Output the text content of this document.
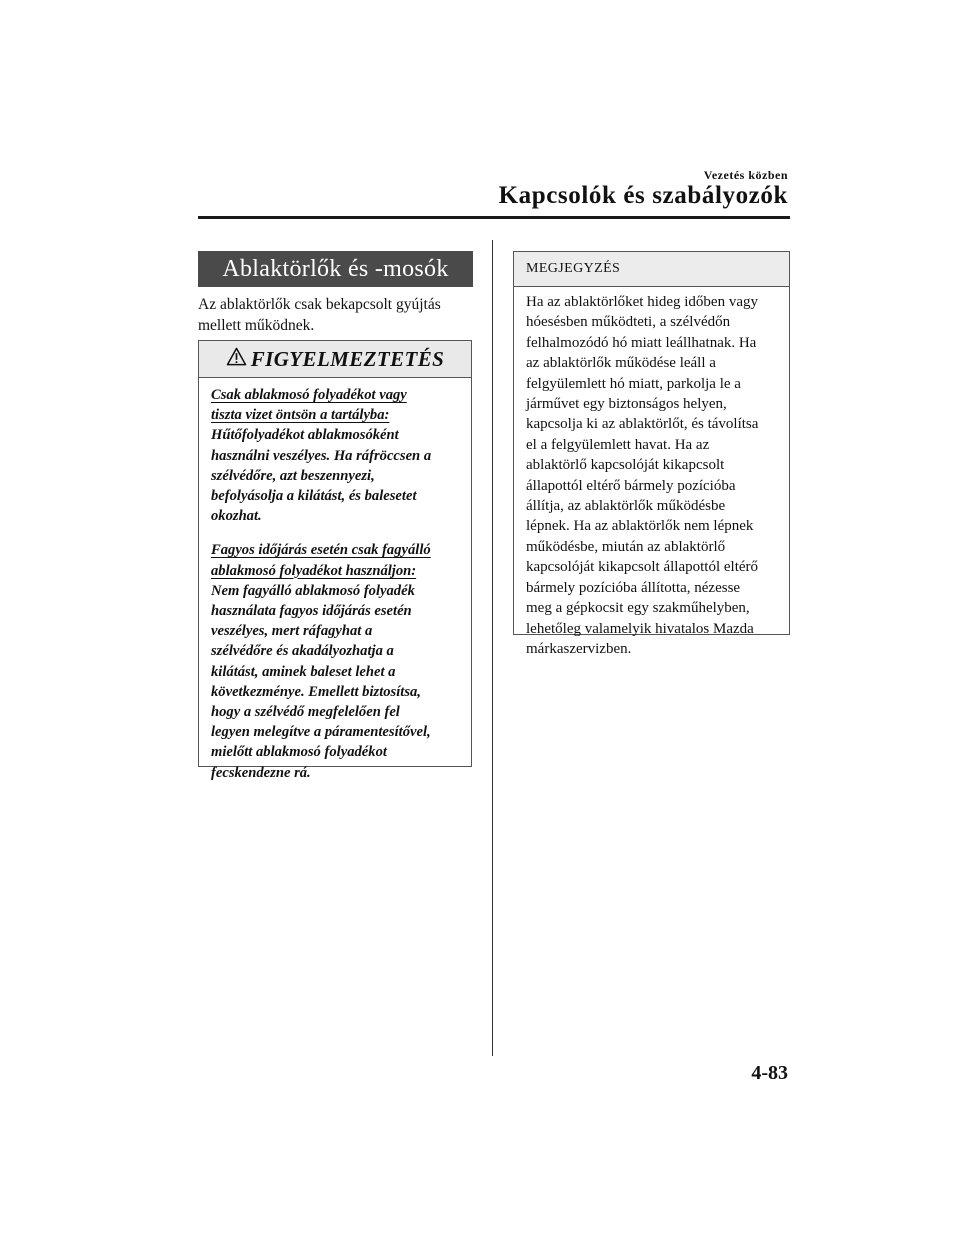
Vezetés közben
Kapcsolók és szabályozók
Ablaktörlők és -mosók
Az ablaktörlők csak bekapcsolt gyújtás
mellett működnek.
FIGYELMEZTETÉS

Csak ablakmosó folyadékot vagy
tiszta vizet öntsön a tartályba:
Hűtőfolyadékot ablakmosóként
használni veszélyes. Ha ráfröccsen a
szélvédőre, azt beszennyezi,
befolyásolja a kilátást, és balesetet
okozhat.

Fagyos időjárás esetén csak fagyálló
ablakmosó folyadékot használjon:
Nem fagyálló ablakmosó folyadék
használata fagyos időjárás esetén
veszélyes, mert ráfagyhat a
szélvédőre és akadályozhatja a
kilátást, aminek baleset lehet a
következménye. Emellett biztosítsa,
hogy a szélvédő megfelelően fel
legyen melegítve a páramentesítővel,
mielőtt ablakmosó folyadékot
fecskendezne rá.

MEGJEGYZÉS
Ha az ablaktörlőket hideg időben vagy
hóesésben működteti, a szélvédőn
felhalmozódó hó miatt leállhatnak. Ha
az ablaktörlők működése leáll a
felgyülemlett hó miatt, parkolja le a
járművet egy biztonságos helyen,
kapcsolja ki az ablaktörlőt, és távolítsa
el a felgyülemlett havat. Ha az
ablaktörlő kapcsolóját kikapcsolt
állapottól eltérő bármely pozícióba
állítja, az ablaktörlők működésbe
lépnek. Ha az ablaktörlők nem lépnek
működésbe, miután az ablaktörlő
kapcsolóját kikapcsolt állapottól eltérő
bármely pozícióba állította, nézesse
meg a gépkocsit egy szakműhelyben,
lehetőleg valamelyik hivatalos Mazda
márkaszervizben.
4-83
